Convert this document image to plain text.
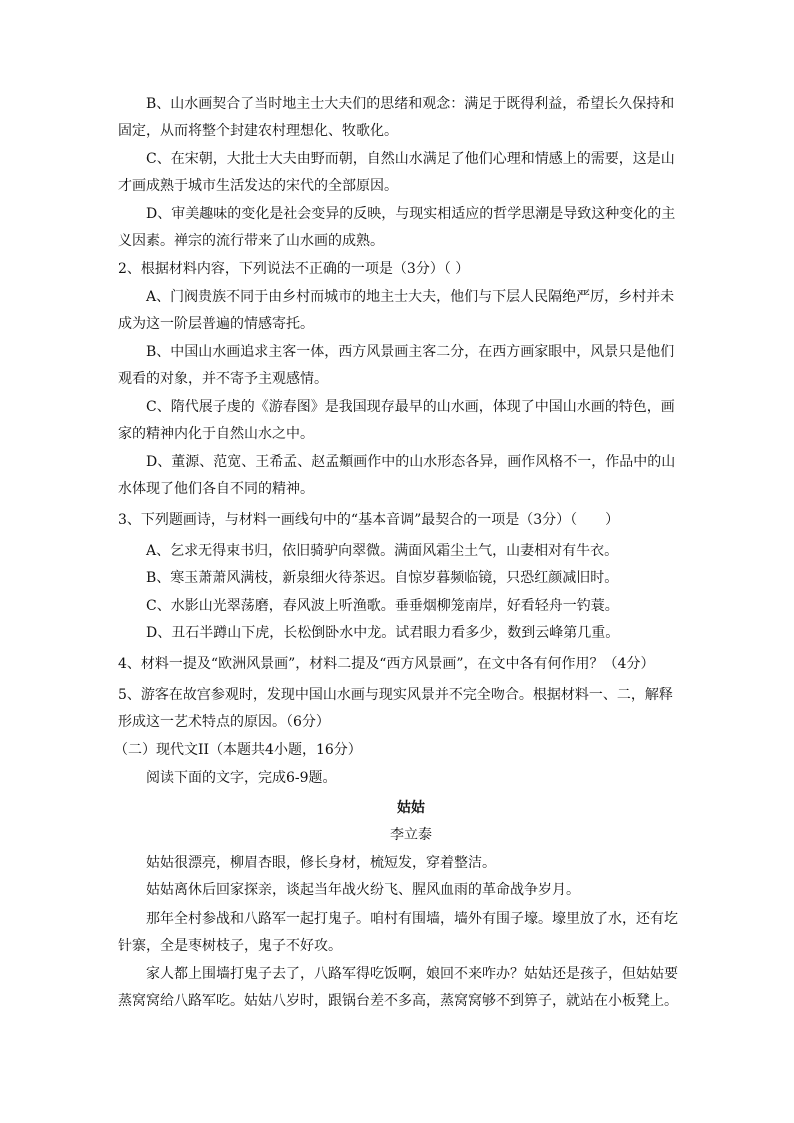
B、山水画契合了当时地主士大夫们的思绪和观念：满足于既得利益，希望长久保持和
固定，从而将整个封建农村理想化、牧歌化。
C、在宋朝，大批士大夫由野而朝，自然山水满足了他们心理和情感上的需要，这是山
才画成熟于城市生活发达的宋代的全部原因。
D、审美趣味的变化是社会变异的反映，与现实相适应的哲学思潮是导致这种变化的主
义因素。禅宗的流行带来了山水画的成熟。
2、根据材料内容，下列说法不正确的一项是（3分）（ ）
A、门阀贵族不同于由乡村而城市的地主士大夫，他们与下层人民隔绝严厉，乡村并未
成为这一阶层普遍的情感寄托。
B、中国山水画追求主客一体，西方风景画主客二分，在西方画家眼中，风景只是他们
观看的对象，并不寄予主观感情。
C、隋代展子虔的《游春图》是我国现存最早的山水画，体现了中国山水画的特色，画
家的精神内化于自然山水之中。
D、董源、范宽、王希孟、赵孟頫画作中的山水形态各异，画作风格不一，作品中的山
水体现了他们各自不同的精神。
3、下列题画诗，与材料一画线句中的“基本音调”最契合的一项是（3分）（　　）
A、乞求无得束书归，依旧骑驴向翠微。满面风霜尘土气，山妻相对有牛衣。
B、寒玉萧萧风满枝，新泉细火待茶迟。自惊岁暮频临镜，只恐红颜减旧时。
C、水影山光翠荡磨，春风波上听渔歌。垂垂烟柳笼南岸，好看轻舟一钓蓑。
D、丑石半蹲山下虎，长松倒卧水中龙。试君眼力看多少，数到云峰第几重。
4、材料一提及“欧洲风景画”，材料二提及“西方风景画”，在文中各有何作用？（4分）
5、游客在故宫参观时，发现中国山水画与现实风景并不完全吻合。根据材料一、二，解释
形成这一艺术特点的原因。（6分）
（二）现代文II（本题共4小题，16分）
阅读下面的文字，完成6-9题。
姑姑
李立泰
姑姑很漂亮，柳眉杏眼，修长身材，梳短发，穿着整洁。
姑姑离休后回家探亲，谈起当年战火纷飞、腥风血雨的革命战争岁月。
那年全村参战和八路军一起打鬼子。咱村有围墙，墙外有围子壕。壕里放了水，还有圪
针寨，全是枣树枝子，鬼子不好攻。
家人都上围墙打鬼子去了，八路军得吃饭啊，娘回不来咋办？姑姑还是孩子，但姑姑要
蒸窝窝给八路军吃。姑姑八岁时，跟锅台差不多高，蒸窝窝够不到箅子，就站在小板凳上。
